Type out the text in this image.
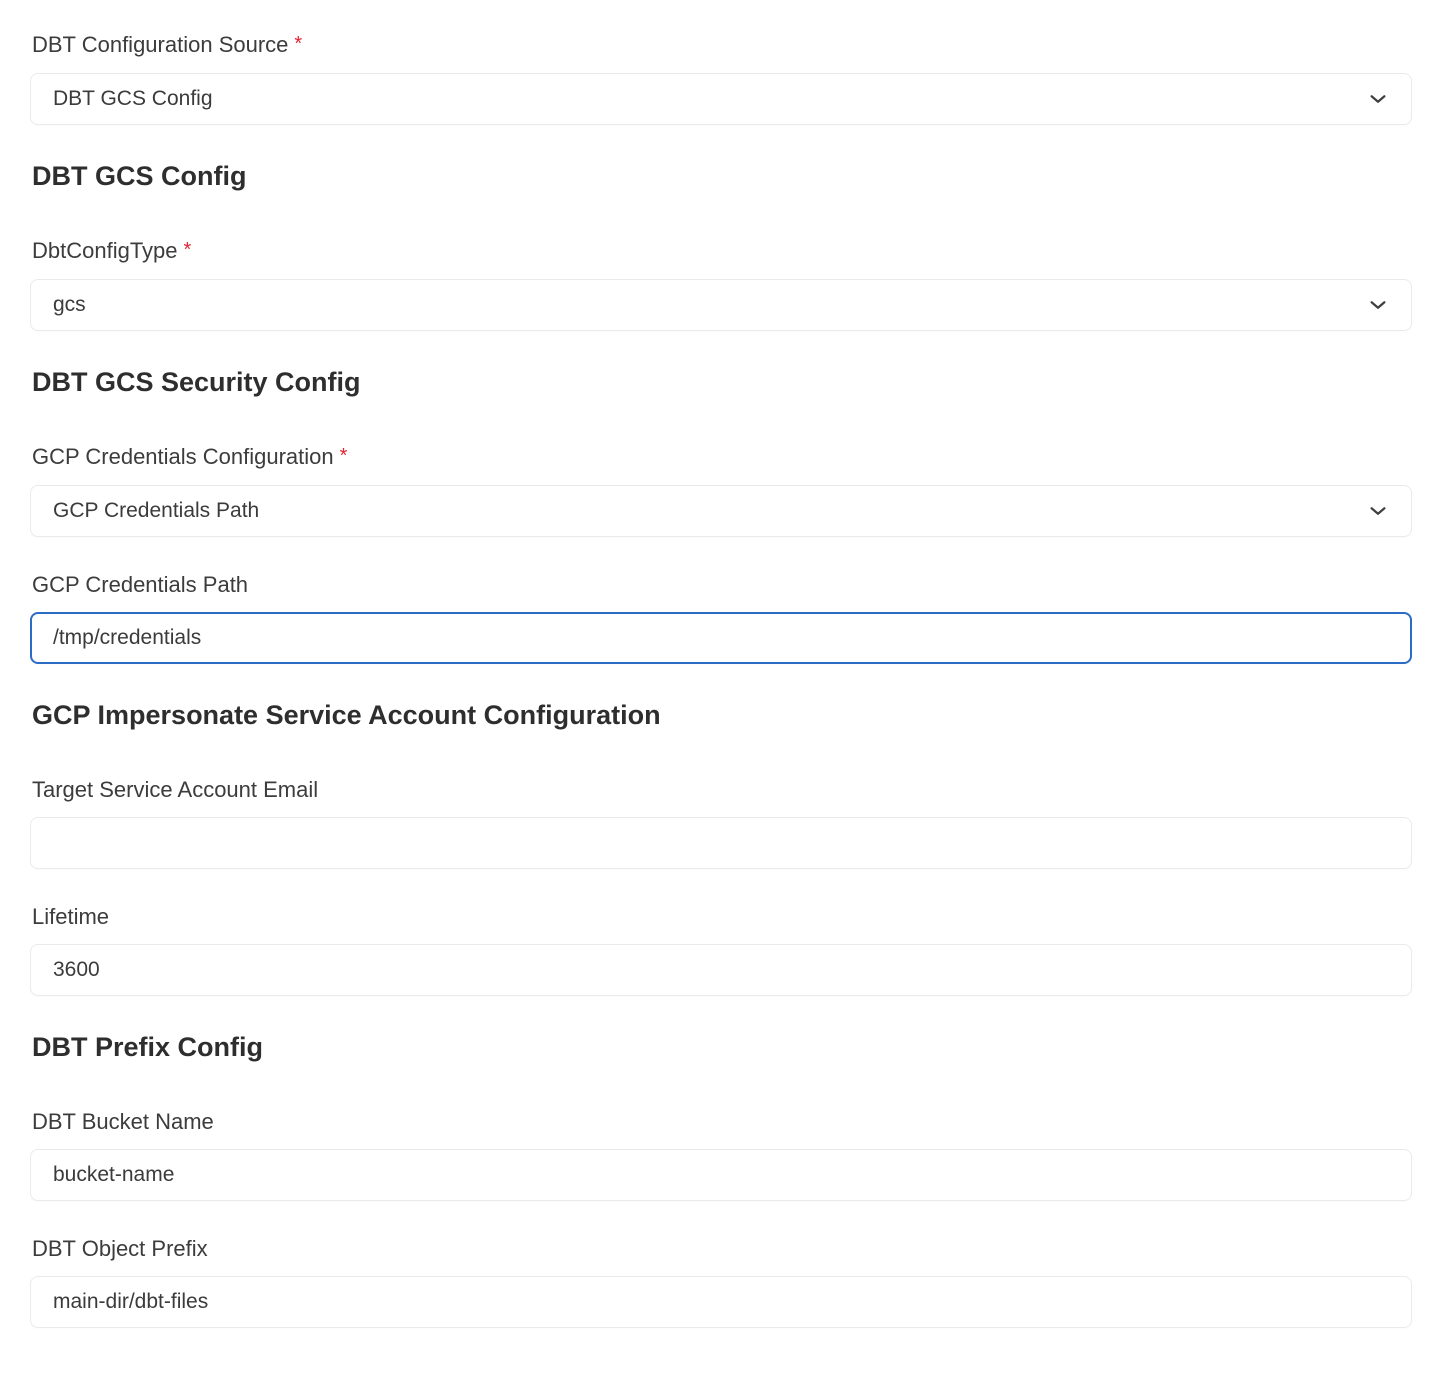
DBT Configuration Source *
DBT GCS Config
DBT GCS Config
DbtConfigType *
gcs
DBT GCS Security Config
GCP Credentials Configuration *
GCP Credentials Path
GCP Credentials Path
/tmp/credentials
GCP Impersonate Service Account Configuration
Target Service Account Email
Lifetime
3600
DBT Prefix Config
DBT Bucket Name
bucket-name
DBT Object Prefix
main-dir/dbt-files
